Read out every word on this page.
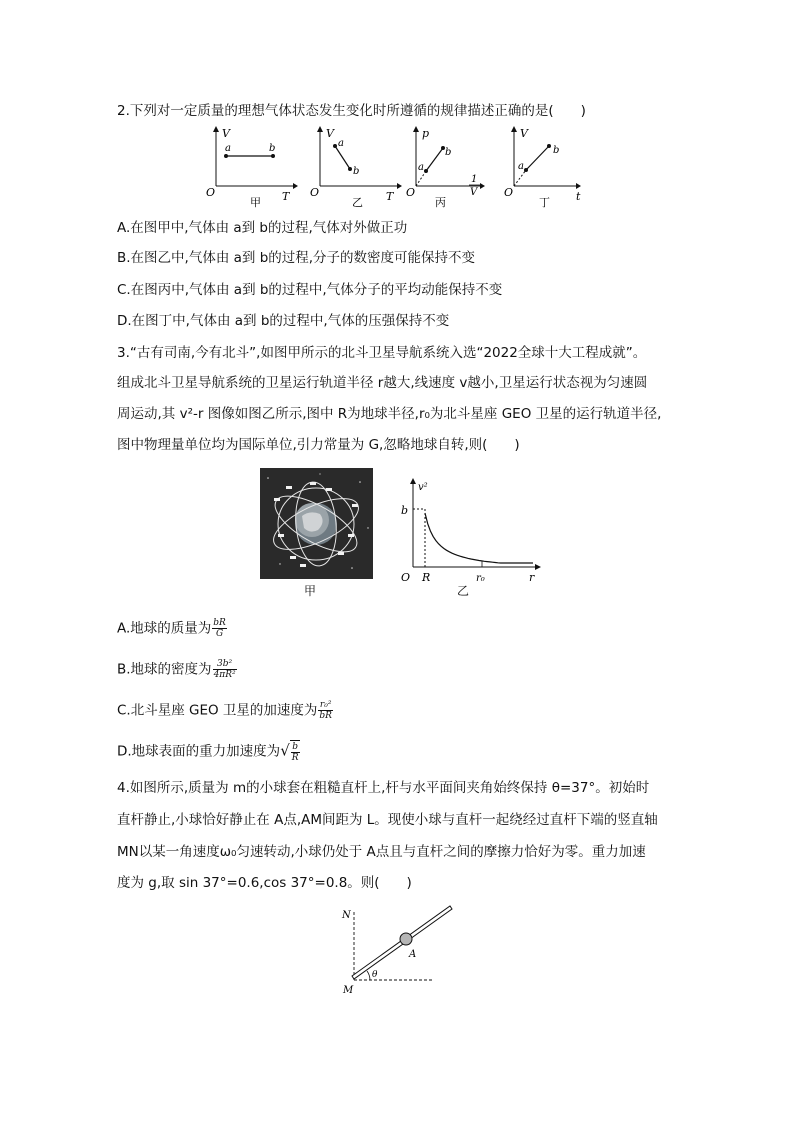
2.下列对一定质量的理想气体状态发生变化时所遵循的规律描述正确的是(　　)
V
T
O
a	b
甲
V
T
O
a
b
乙
p
1
V
O
a
b
丙
V
t
O
a
b
丁
A.在图甲中,气体由 a到 b的过程,气体对外做正功
B.在图乙中,气体由 a到 b的过程,分子的数密度可能保持不变
C.在图丙中,气体由 a到 b的过程中,气体分子的平均动能保持不变
D.在图丁中,气体由 a到 b的过程中,气体的压强保持不变
3.“古有司南,今有北斗”,如图甲所示的北斗卫星导航系统入选“2022全球十大工程成就”。
组成北斗卫星导航系统的卫星运行轨道半径 r越大,线速度 v越小,卫星运行状态视为匀速圆
周运动,其 v²-r 图像如图乙所示,图中 R为地球半径,r₀为北斗星座 GEO 卫星的运行轨道半径,
图中物理量单位均为国际单位,引力常量为 G,忽略地球自转,则(　　)
甲
v²
b
O R	r₀	r
乙
A.地球的质量为 $\frac{bR}{G}$
B.地球的密度为 $\frac{\text{3b²}}{\text{4πR²}}$
C.北斗星座 GEO 卫星的加速度为 $\frac{\text{r₀²}}{bR}$
D.地球表面的重力加速度为√ $\frac{b}{R}$
4.如图所示,质量为 m的小球套在粗糙直杆上,杆与水平面间夹角始终保持 θ=37°。初始时
直杆静止,小球恰好静止在 A点,AM间距为 L。现使小球与直杆一起绕经过直杆下端的竖直轴
MN以某一角速度ω₀匀速转动,小球仍处于 A点且与直杆之间的摩擦力恰好为零。重力加速
度为 g,取 sin 37°=0.6,cos 37°=0.8。则(　　)
N
A
M
θ
